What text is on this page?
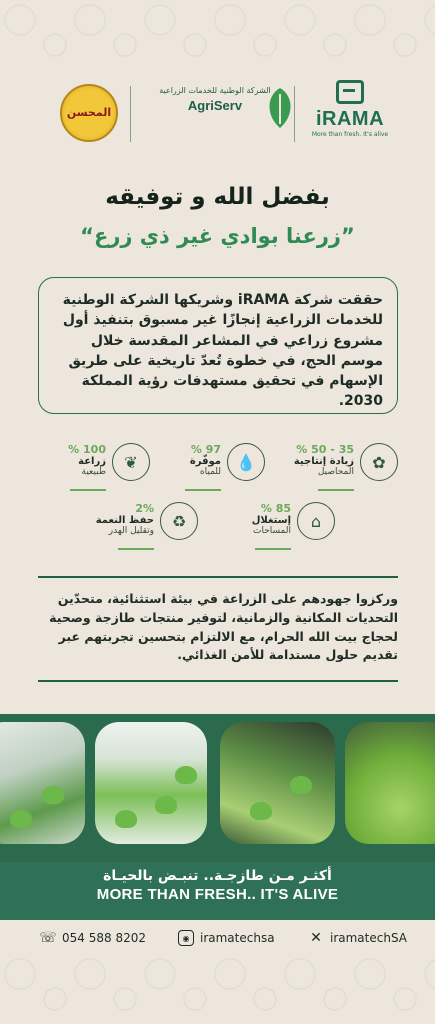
iRAMA
More than fresh. It's alive
الشركة الوطنية للخدمات الزراعية
AgriServ
المحسن
بفضل الله و توفيقه
”زرعنا بوادي غير ذي زرع“
حققت شركة iRAMA وشريكها الشركة الوطنية للخدمات الزراعية إنجازًا غير مسبوق بتنفيذ أول مشروع زراعي في المشاعر المقدسة خلال موسم الحج، في خطوة تُعدّ تاريخية على طريق الإسهام في تحقيق مستهدفات رؤية المملكة 2030.
✿
35 - 50 %
زيادة إنتاجية
المحاصيل
💧
97 %
موفّرة
للمياه
❦
100 %
زراعة
طبيعية
⌂
85 %
إستغلال
المساحات
♻
2%
حفظ النعمة
وتقليل الهدر
وركزوا جهودهم على الزراعة في بيئة استثنائية، متحدّين التحديات المكانية والزمانية، لتوفير منتجات طازجة وصحية لحجاج بيت الله الحرام، مع الالتزام بتحسين تجربتهم عبر تقديم حلول مستدامة للأمن الغذائي.
أكثـر مـن طازجـة.. تنبـض بالحيـاة
MORE THAN FRESH.. IT'S ALIVE
☏ 054 588 8202	◉ iramatechsa	✕ iramatechSA
